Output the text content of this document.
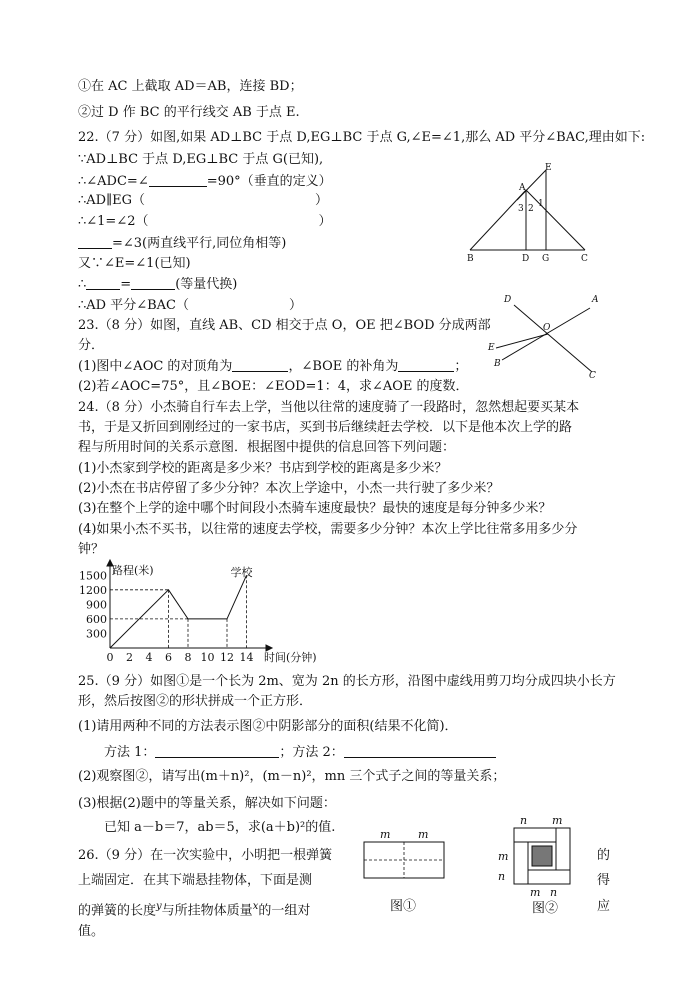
①在 AC 上截取 AD＝AB，连接 BD；
②过 D 作 BC 的平行线交 AB 于点 E.
22.（7 分）如图,如果 AD⊥BC 于点 D,EG⊥BC 于点 G,∠E=∠1,那么 AD 平分∠BAC,理由如下:
∵AD⊥BC 于点 D,EG⊥BC 于点 G(已知),
∴∠ADC=∠	=90°（垂直的定义）
∴AD∥EG（	）
∴∠1=∠2（	）
=∠3(两直线平行,同位角相等)
又∵∠E=∠1(已知)
∴	=	(等量代换)
∴AD 平分∠BAC（	）
A
E
3 2 1
B	D G	C
23.（8 分）如图，直线 AB、CD 相交于点 O，OE 把∠BOD 分成两部
分．
(1)图中∠AOC 的对顶角为	，∠BOE 的补角为	；
(2)若∠AOC=75°，且∠BOE：∠EOD=1：4，求∠AOE 的度数．
D	A
O
E
B
C
24.（8 分）小杰骑自行车去上学，当他以往常的速度骑了一段路时，忽然想起要买某本
书，于是又折回到刚经过的一家书店，买到书后继续赶去学校．以下是他本次上学的路
程与所用时间的关系示意图．根据图中提供的信息回答下列问题：
(1)小杰家到学校的距离是多少米？书店到学校的距离是多少米？
(2)小杰在书店停留了多少分钟？本次上学途中，小杰一共行驶了多少米？
(3)在整个上学的途中哪个时间段小杰骑车速度最快？最快的速度是每分钟多少米？
(4)如果小杰不买书，以往常的速度去学校，需要多少分钟？本次上学比往常多用多少分
钟？
0 2 4 6 8 10 12 14
300
600
900
1200
1500 路程(米)
时间(分钟)
学校
25.（9 分）如图①是一个长为 2m、宽为 2n 的长方形，沿图中虚线用剪刀均分成四块小长方
形，然后按图②的形状拼成一个正方形．
(1)请用两种不同的方法表示图②中阴影部分的面积(结果不化简)．
方法 1：	；方法 2：
(2)观察图②，请写出(m＋n)²，(m－n)²，mn 三个式子之间的等量关系；
(3)根据(2)题中的等量关系，解决如下问题：
已知 a－b＝7，ab＝5，求(a＋b)²的值.	m	m
图①
n m
m
n
m n
图②
26.（9 分）在一次实验中，小明把一根弹簧
上端固定．在其下端悬挂物体，下面是测
的弹簧的长度$^y$与所挂物体质量$^x$的一组对
值。
的
得
应
